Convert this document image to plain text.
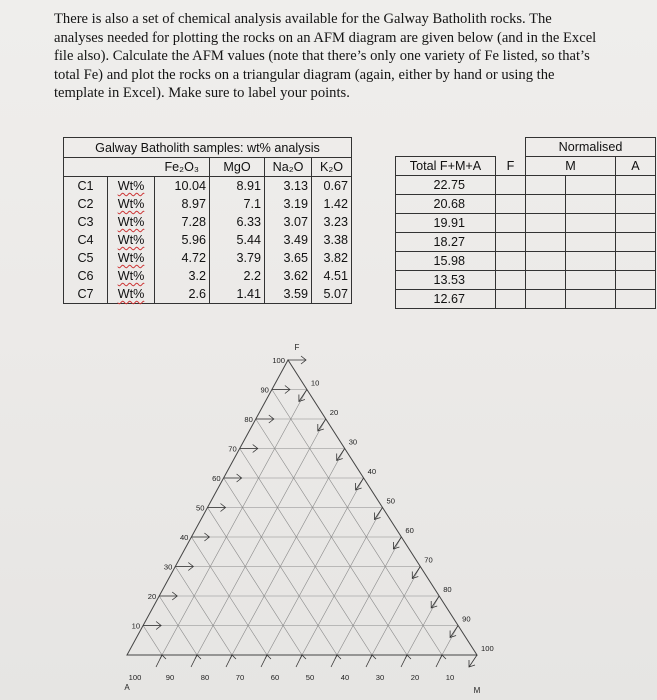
There is also a set of chemical analysis available for the Galway Batholith rocks. The
analyses needed for plotting the rocks on an AFM diagram are given below (and in the Excel
file also). Calculate the AFM values (note that there’s only one variety of Fe listed, so that’s
total Fe) and plot the rocks on a triangular diagram (again, either by hand or using the
template in Excel). Make sure to label your points.
Galway Batholith samples: wt% analysis					
		Fe₂O₃	MgO	Na₂O	K₂O
C1	Wt%	10.04	8.91	3.13	0.67
C2	Wt%	8.97	7.1	3.19	1.42
C3	Wt%	7.28	6.33	3.07	3.23
C4	Wt%	5.96	5.44	3.49	3.38
C5	Wt%	4.72	3.79	3.65	3.82
C6	Wt%	3.2	2.2	3.62	4.51
C7	Wt%	2.6	1.41	3.59	5.07
		Normalised		
Total F+M+A	F	M		A
22.75				
20.68				
19.91				
18.27				
15.98				
13.53				
12.67				
10
20
30
40
50
60
70
80
90
100
10
20
30
40
50
60
70
80
90
100
100	90	80	70	60	50	40	30	20	10
F
A	M
